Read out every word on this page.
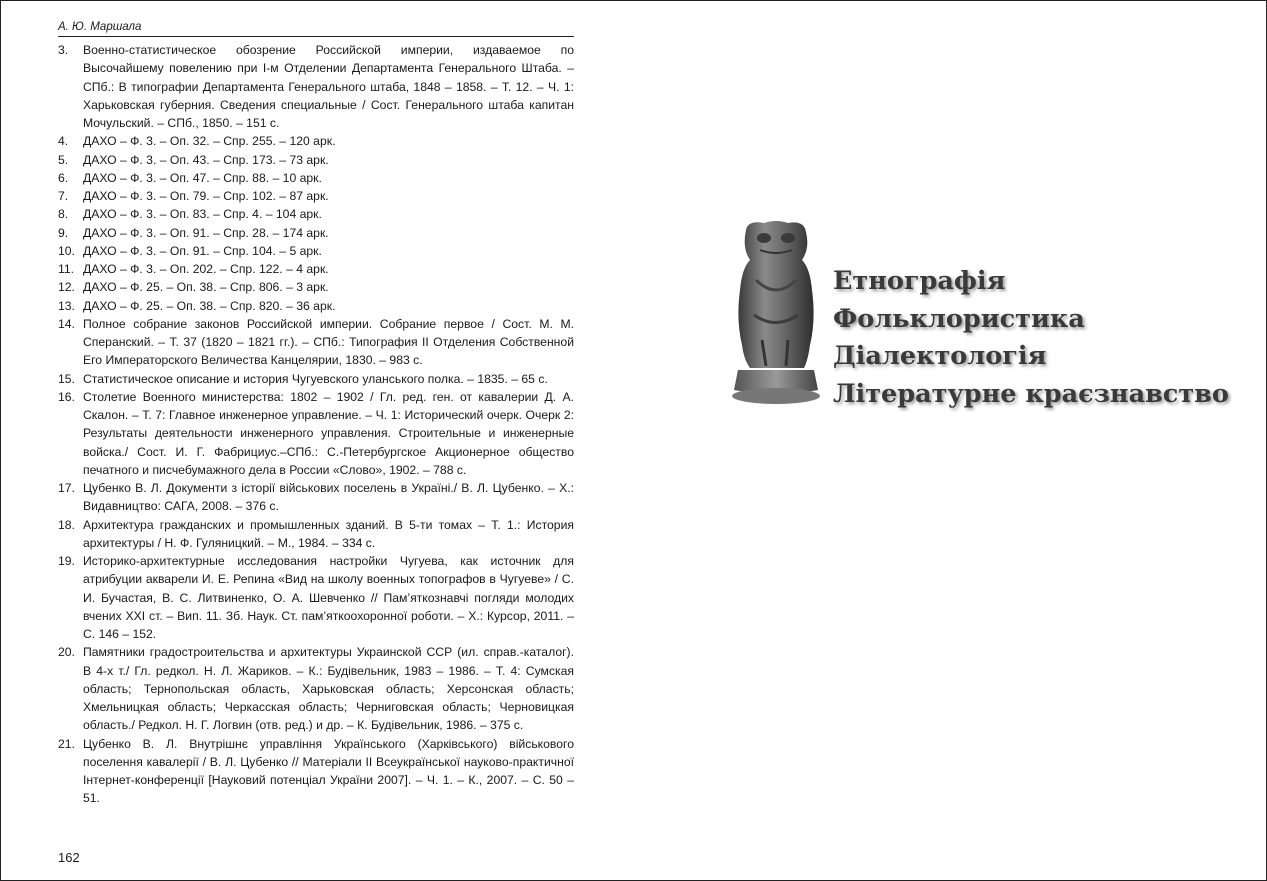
А. Ю. Маршала
3. Военно-статистическое обозрение Российской империи, издаваемое по Высочайшему повелению при I-м Отделении Департамента Генерального Штаба. – СПб.: В типографии Департамента Генерального штаба, 1848 – 1858. – Т. 12. – Ч. 1: Харьковская губерния. Сведения специальные / Сост. Генерального штаба капитан Мочульский. – СПб., 1850. – 151 с.
4. ДАХО – Ф. 3. – Оп. 32. – Спр. 255. – 120 арк.
5. ДАХО – Ф. 3. – Оп. 43. – Спр. 173. – 73 арк.
6. ДАХО – Ф. 3. – Оп. 47. – Спр. 88. – 10 арк.
7. ДАХО – Ф. 3. – Оп. 79. – Спр. 102. – 87 арк.
8. ДАХО – Ф. 3. – Оп. 83. – Спр. 4. – 104 арк.
9. ДАХО – Ф. 3. – Оп. 91. – Спр. 28. – 174 арк.
10. ДАХО – Ф. 3. – Оп. 91. – Спр. 104. – 5 арк.
11. ДАХО – Ф. 3. – Оп. 202. – Спр. 122. – 4 арк.
12. ДАХО – Ф. 25. – Оп. 38. – Спр. 806. – 3 арк.
13. ДАХО – Ф. 25. – Оп. 38. – Спр. 820. – 36 арк.
14. Полное собрание законов Российской империи. Собрание первое / Сост. М. М. Сперанский. – Т. 37 (1820 – 1821 гг.). – СПб.: Типография II Отделения Собственной Его Императорского Величества Канцелярии, 1830. – 983 с.
15. Статистическое описание и история Чугуевского уланського полка. – 1835. – 65 с.
16. Столетие Военного министерства: 1802 – 1902 / Гл. ред. ген. от кавалерии Д. А. Скалон. – Т. 7: Главное инженерное управление. – Ч. 1: Исторический очерк. Очерк 2: Результаты деятельности инженерного управления. Строительные и инженерные войска./ Сост. И. Г. Фабрициус.–СПб.: С.-Петербургское Акционерное общество печатного и писчебумажного дела в России «Слово», 1902. – 788 с.
17. Цубенко В. Л. Документи з історії військових поселень в Україні./ В. Л. Цубенко. – Х.: Видавництво: САГА, 2008. – 376 с.
18. Архитектура гражданских и промышленных зданий. В 5-ти томах – Т. 1.: История архитектуры / Н. Ф. Гуляницкий. – М., 1984. – 334 с.
19. Историко-архитектурные исследования настройки Чугуева, как источник для атрибуции акварели И. Е. Репина «Вид на школу военных топографов в Чугуеве» / С. И. Бучастая, В. С. Литвиненко, О. А. Шевченко // Пам’яткознавчі погляди молодих вчених XXI ст. – Вип. 11. Зб. Наук. Ст. пам’яткоохоронної роботи. – Х.: Курсор, 2011. – С. 146 – 152.
20. Памятники градостроительства и архитектуры Украинской ССР (ил. справ.-каталог). В 4-х т./ Гл. редкол. Н. Л. Жариков. – К.: Будівельник, 1983 – 1986. – Т. 4: Сумская область; Тернопольская область, Харьковская область; Херсонская область; Хмельницкая область; Черкасская область; Черниговская область; Черновицкая область./ Редкол. Н. Г. Логвин (отв. ред.) и др. – К. Будівельник, 1986. – 375 с.
21. Цубенко В. Л. Внутрішнє управління Українського (Харківського) військового поселення кавалерії / В. Л. Цубенко // Матеріали II Всеукраїнської науково-практичної Інтернет-конференції [Науковий потенціал України 2007]. – Ч. 1. – К., 2007. – С. 50 – 51.
162
Етнографія
Фольклористика
Діалектологія
Літературне краєзнавство
